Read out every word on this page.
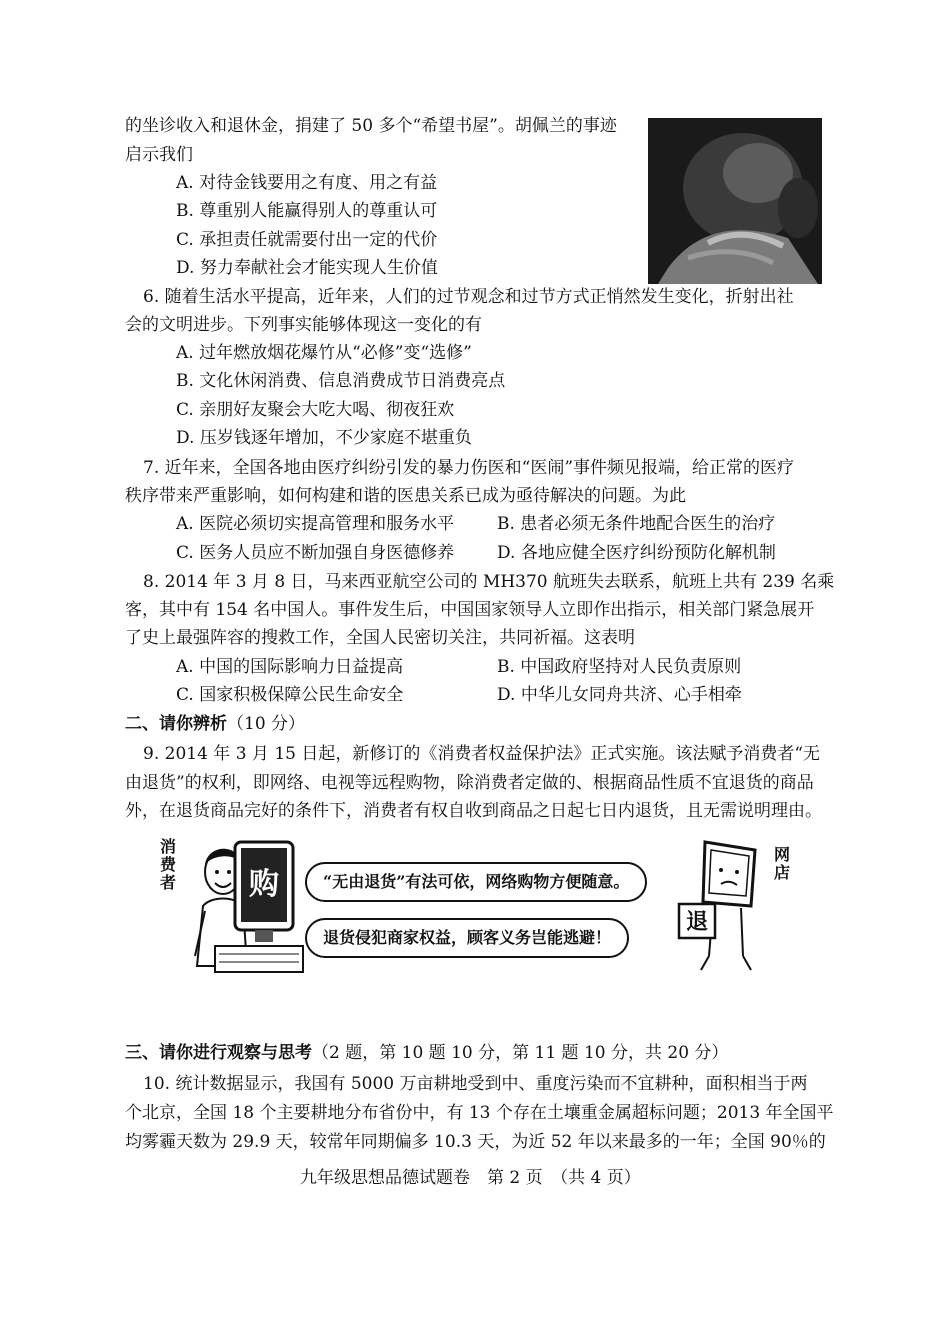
的坐诊收入和退休金，捐建了 50 多个“希望书屋”。胡佩兰的事迹
启示我们
A. 对待金钱要用之有度、用之有益
B. 尊重别人能赢得别人的尊重认可
C. 承担责任就需要付出一定的代价
D. 努力奉献社会才能实现人生价值
6. 随着生活水平提高，近年来，人们的过节观念和过节方式正悄然发生变化，折射出社
会的文明进步。下列事实能够体现这一变化的有
A. 过年燃放烟花爆竹从“必修”变“选修”
B. 文化休闲消费、信息消费成节日消费亮点
C. 亲朋好友聚会大吃大喝、彻夜狂欢
D. 压岁钱逐年增加，不少家庭不堪重负
7. 近年来，全国各地由医疗纠纷引发的暴力伤医和“医闹”事件频见报端，给正常的医疗
秩序带来严重影响，如何构建和谐的医患关系已成为亟待解决的问题。为此
A. 医院必须切实提高管理和服务水平	B. 患者必须无条件地配合医生的治疗
C. 医务人员应不断加强自身医德修养	D. 各地应健全医疗纠纷预防化解机制
8. 2014 年 3 月 8 日，马来西亚航空公司的 MH370 航班失去联系，航班上共有 239 名乘
客，其中有 154 名中国人。事件发生后，中国国家领导人立即作出指示，相关部门紧急展开
了史上最强阵容的搜救工作，全国人民密切关注，共同祈福。这表明
A. 中国的国际影响力日益提高	B. 中国政府坚持对人民负责原则
C. 国家积极保障公民生命安全	D. 中华儿女同舟共济、心手相牵
二、请你辨析（10 分）
9. 2014 年 3 月 15 日起，新修订的《消费者权益保护法》正式实施。该法赋予消费者“无
由退货”的权利，即网络、电视等远程购物，除消费者定做的、根据商品性质不宜退货的商品
外，在退货商品完好的条件下，消费者有权自收到商品之日起七日内退货，且无需说明理由。
消费者 购	“无由退货”有法可依，网络购物方便随意。
退货侵犯商家权益，顾客义务岂能逃避！
退
网店
三、请你进行观察与思考（2 题，第 10 题 10 分，第 11 题 10 分，共 20 分）
10. 统计数据显示，我国有 5000 万亩耕地受到中、重度污染而不宜耕种，面积相当于两
个北京，全国 18 个主要耕地分布省份中，有 13 个存在土壤重金属超标问题；2013 年全国平
均雾霾天数为 29.9 天，较常年同期偏多 10.3 天，为近 52 年以来最多的一年；全国 90％的
九年级思想品德试题卷　第 2 页　（共 4 页）
